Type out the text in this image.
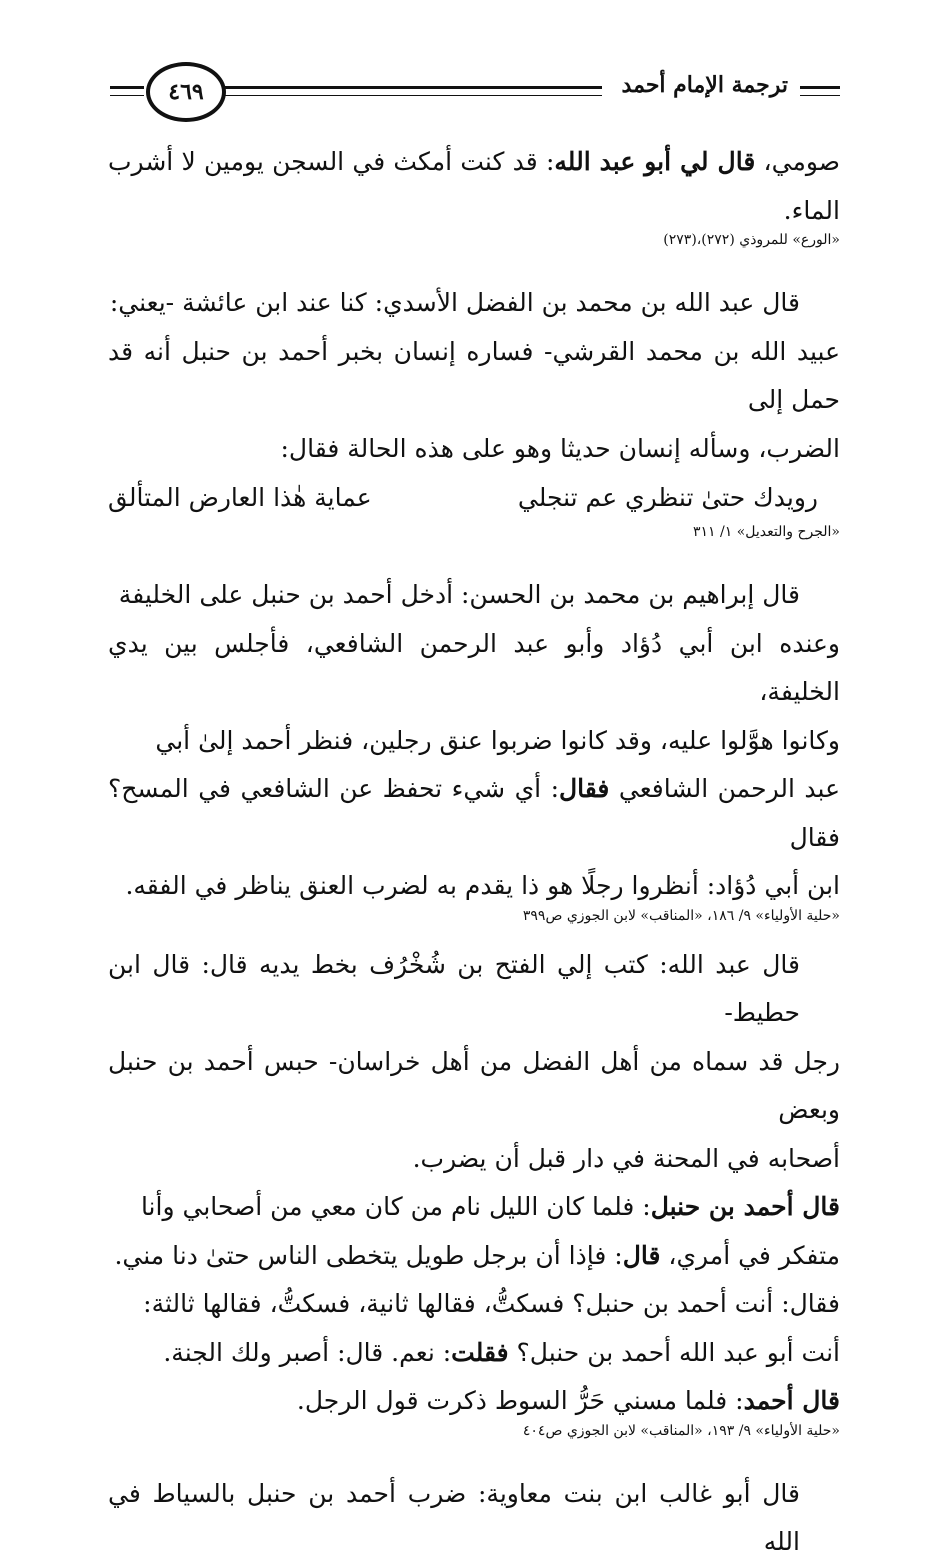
٤٦٩	ترجمة الإمام أحمد

صومي، قال لي أبو عبد الله: قد كنت أمكث في السجن يومين لا أشرب الماء.

«الورع» للمروذي (٢٧٢)،(٢٧٣)

قال عبد الله بن محمد بن الفضل الأسدي: كنا عند ابن عائشة -يعني:
عبيد الله بن محمد القرشي- فساره إنسان بخبر أحمد بن حنبل أنه قد حمل إلى
الضرب، وسأله إنسان حديثا وهو على هذه الحالة فقال:

رويدك حتىٰ تنظري عم تنجلي
عماية هٰذا العارض المتألق
«الجرح والتعديل» ١/ ٣١١

قال إبراهيم بن محمد بن الحسن: أدخل أحمد بن حنبل على الخليفة
وعنده ابن أبي دُؤاد وأبو عبد الرحمن الشافعي، فأجلس بين يدي الخليفة،
وكانوا هوَّلوا عليه، وقد كانوا ضربوا عنق رجلين، فنظر أحمد إلىٰ أبي
عبد الرحمن الشافعي فقال: أي شيء تحفظ عن الشافعي في المسح؟ فقال
ابن أبي دُؤاد: أنظروا رجلًا هو ذا يقدم به لضرب العنق يناظر في الفقه.

«حلية الأولياء» ٩/ ١٨٦، «المناقب» لابن الجوزي ص٣٩٩

قال عبد الله: كتب إلي الفتح بن شُخْرُف بخط يديه قال: قال ابن حطيط-
رجل قد سماه من أهل الفضل من أهل خراسان- حبس أحمد بن حنبل وبعض
أصحابه في المحنة في دار قبل أن يضرب.

قال أحمد بن حنبل: فلما كان الليل نام من كان معي من أصحابي وأنا
متفكر في أمري، قال: فإذا أن برجل طويل يتخطى الناس حتىٰ دنا مني.
فقال: أنت أحمد بن حنبل؟ فسكتُّ، فقالها ثانية، فسكتُّ، فقالها ثالثة:
أنت أبو عبد الله أحمد بن حنبل؟ فقلت: نعم. قال: أصبر ولك الجنة.
قال أحمد: فلما مسني حَرُّ السوط ذكرت قول الرجل.

«حلية الأولياء» ٩/ ١٩٣، «المناقب» لابن الجوزي ص٤٠٤

قال أبو غالب ابن بنت معاوية: ضرب أحمد بن حنبل بالسياط في الله
